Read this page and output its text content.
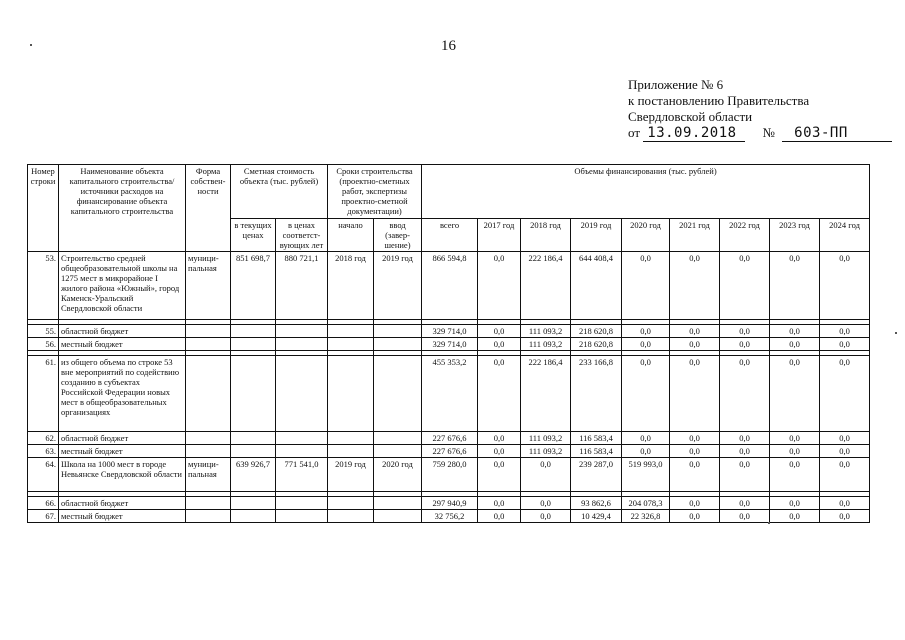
16
Приложение № 6
к постановлению Правительства
Свердловской области
от 13.09.2018 № 603-ПП
Номер строки	Наименование объекта капитального строительства/ источники расходов на финансирование объекта капитального строительства	Форма собствен-ности	Сметная стоимость объекта (тыс. рублей)		Сроки строительства (проектно-сметных работ, экспертизы проектно-сметной документации)		Объемы финансирования (тыс. рублей)								
			в текущих ценах	в ценах соответст-вующих лет	начало	ввод (завер-шение)	всего	2017 год	2018 год	2019 год	2020 год	2021 год	2022 год	2023 год	2024 год
53.	Строительство средней общеобразовательной школы на 1275 мест в микрорайоне I жилого района «Южный», город Каменск-Уральский Свердловской области	муници-пальная	851 698,7	880 721,1	2018 год	2019 год	866 594,8	0,0	222 186,4	644 408,4	0,0	0,0	0,0	0,0	0,0

55.	областной бюджет						329 714,0	0,0	111 093,2	218 620,8	0,0	0,0	0,0	0,0	0,0
56.	местный бюджет						329 714,0	0,0	111 093,2	218 620,8	0,0	0,0	0,0	0,0	0,0

61.	из общего объема по строке 53 вне мероприятий по содействию созданию в субъектах Российской Федерации новых мест в общеобразовательных организациях						455 353,2	0,0	222 186,4	233 166,8	0,0	0,0	0,0	0,0	0,0
62.	областной бюджет						227 676,6	0,0	111 093,2	116 583,4	0,0	0,0	0,0	0,0	0,0
63.	местный бюджет						227 676,6	0,0	111 093,2	116 583,4	0,0	0,0	0,0	0,0	0,0
64.	Школа на 1000 мест в городе Невьянске Свердловской области	муници-пальная	639 926,7	771 541,0	2019 год	2020 год	759 280,0	0,0	0,0	239 287,0	519 993,0	0,0	0,0	0,0	0,0

66.	областной бюджет						297 940,9	0,0	0,0	93 862,6	204 078,3	0,0	0,0	0,0	0,0
67.	местный бюджет						32 756,2	0,0	0,0	10 429,4	22 326,8	0,0	0,0	0,0	0,0
